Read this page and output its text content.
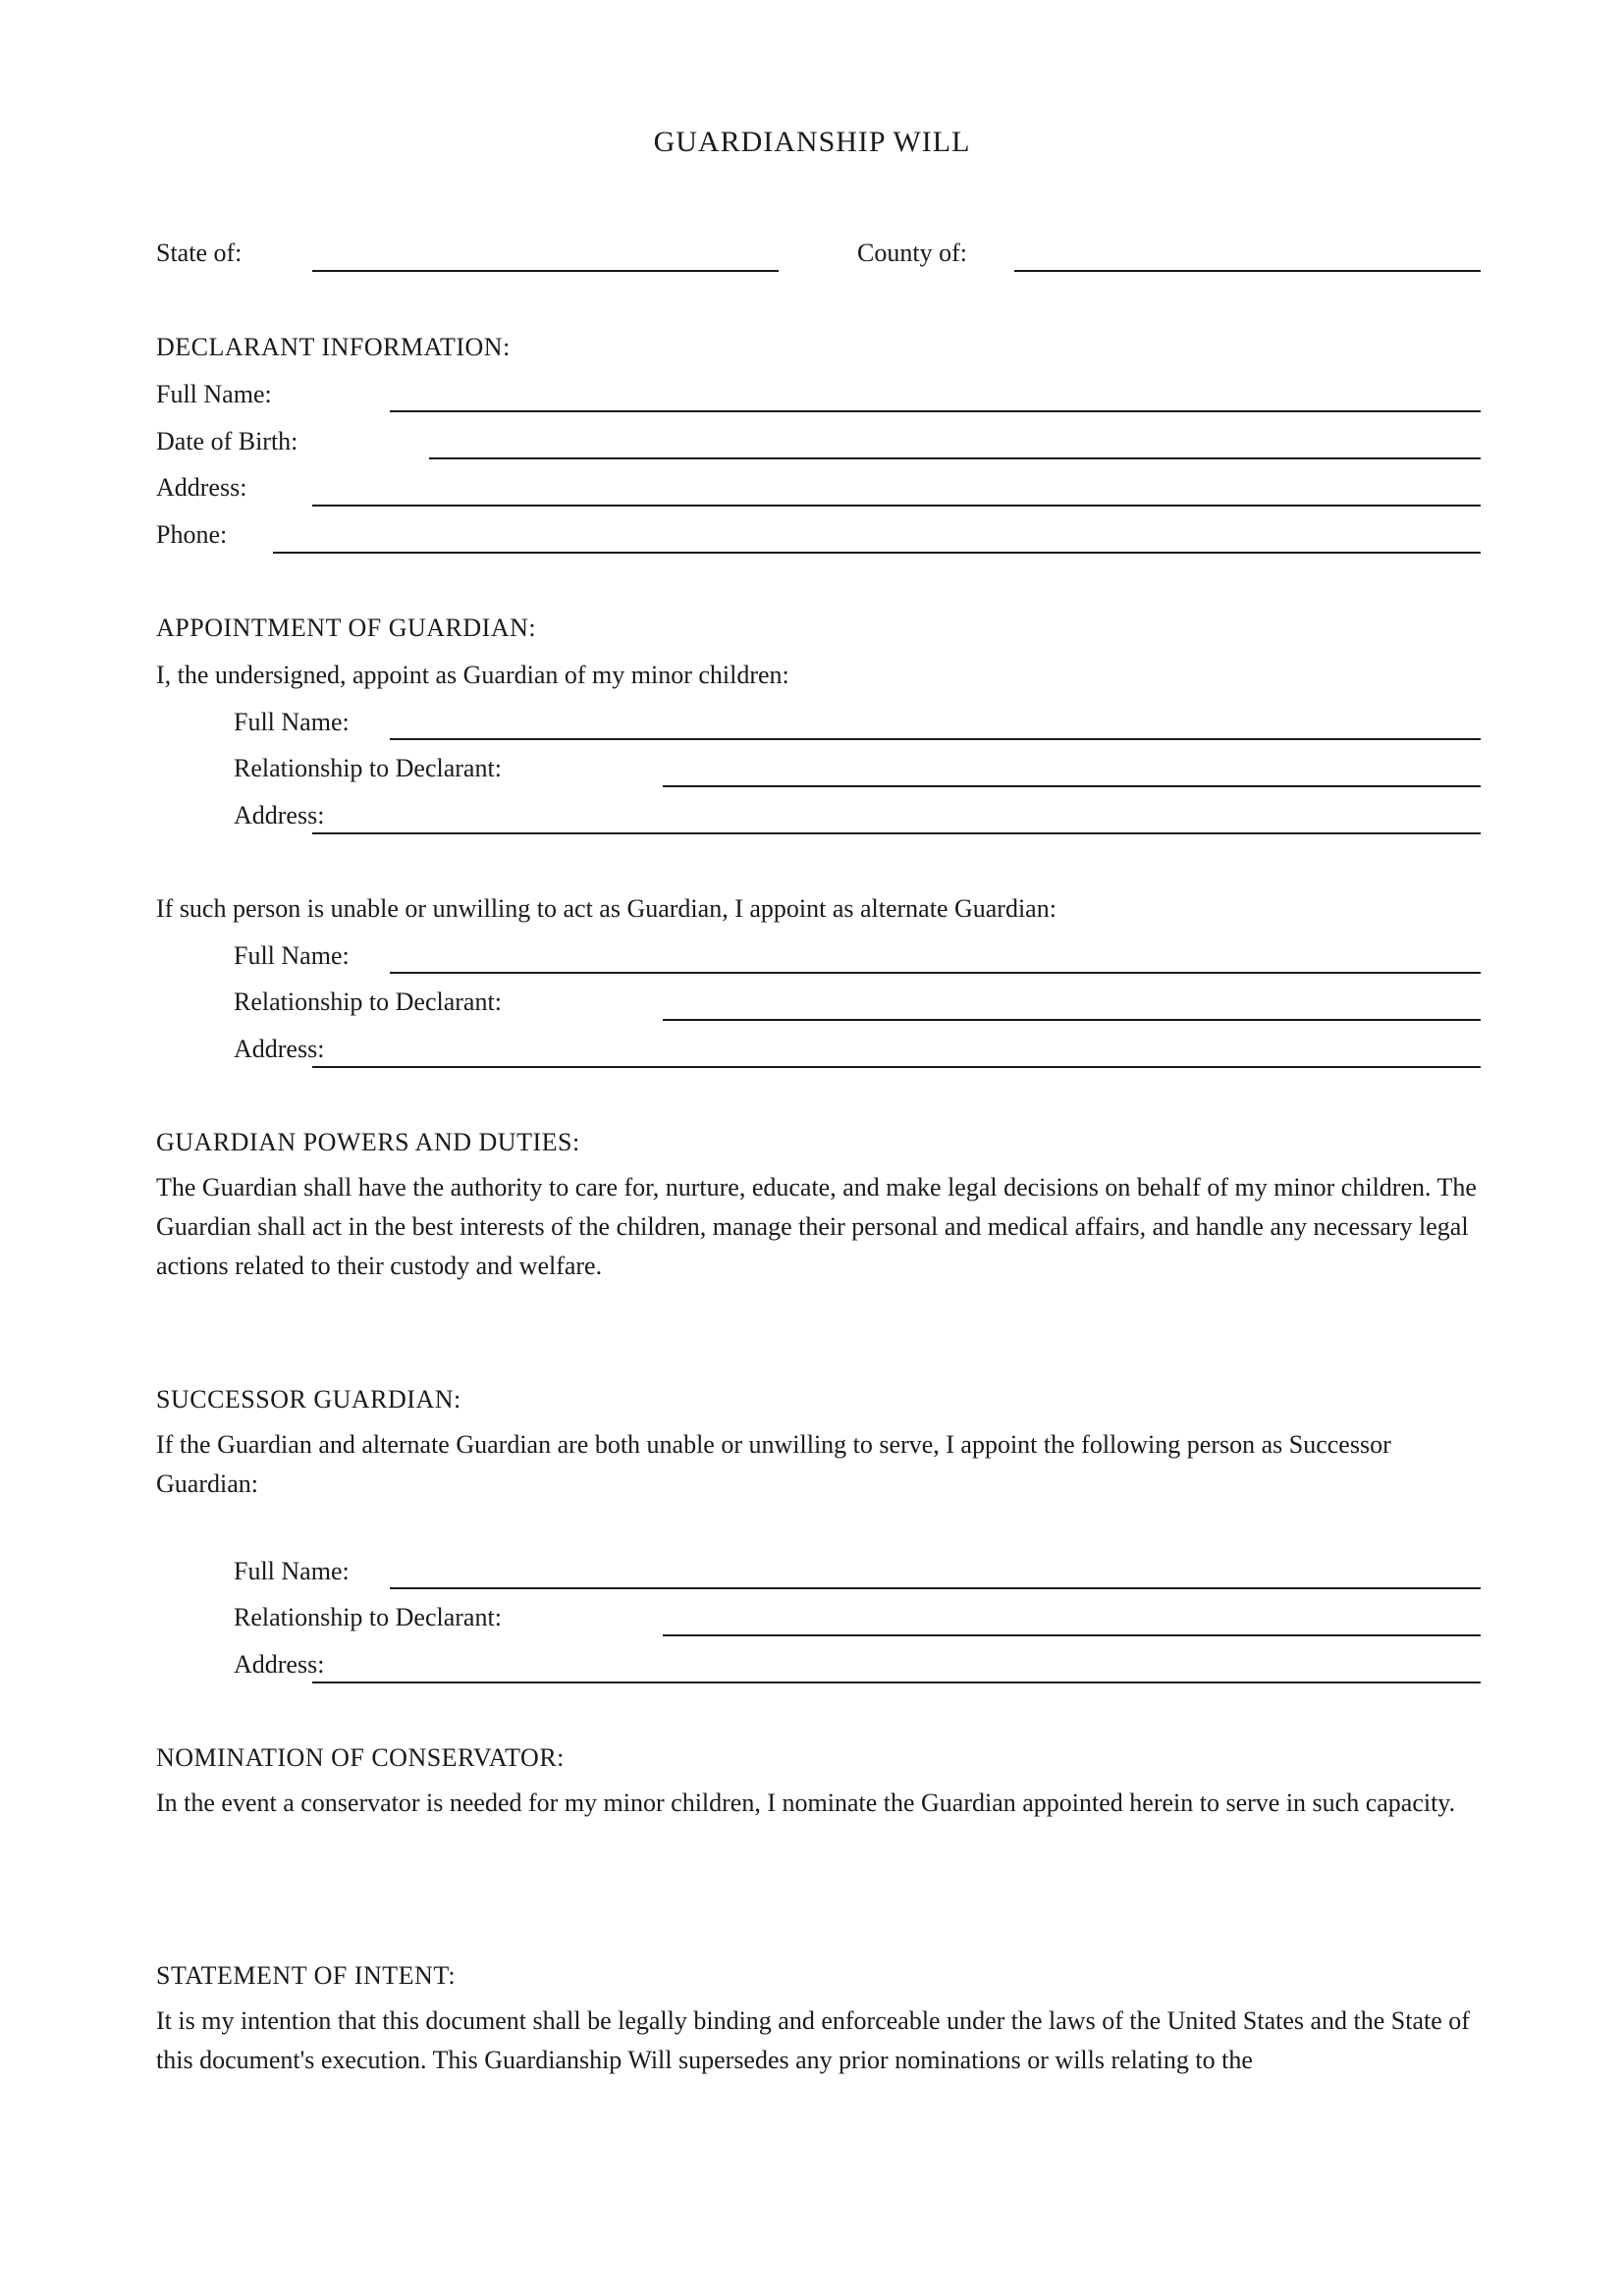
GUARDIANSHIP WILL
State of:	County of:
DECLARANT INFORMATION:
Full Name:
Date of Birth:
Address:
Phone:
APPOINTMENT OF GUARDIAN:
I, the undersigned, appoint as Guardian of my minor children:
Full Name:
Relationship to Declarant:
Address:
If such person is unable or unwilling to act as Guardian, I appoint as alternate Guardian:
Full Name:
Relationship to Declarant:
Address:
GUARDIAN POWERS AND DUTIES:
The Guardian shall have the authority to care for, nurture, educate, and make legal decisions on behalf of my minor children. The Guardian shall act in the best interests of the children, manage their personal and medical affairs, and handle any necessary legal actions related to their custody and welfare.
SUCCESSOR GUARDIAN:
If the Guardian and alternate Guardian are both unable or unwilling to serve, I appoint the following person as Successor Guardian:
Full Name:
Relationship to Declarant:
Address:
NOMINATION OF CONSERVATOR:
In the event a conservator is needed for my minor children, I nominate the Guardian appointed herein to serve in such capacity.
STATEMENT OF INTENT:
It is my intention that this document shall be legally binding and enforceable under the laws of the United States and the State of this document's execution. This Guardianship Will supersedes any prior nominations or wills relating to the
